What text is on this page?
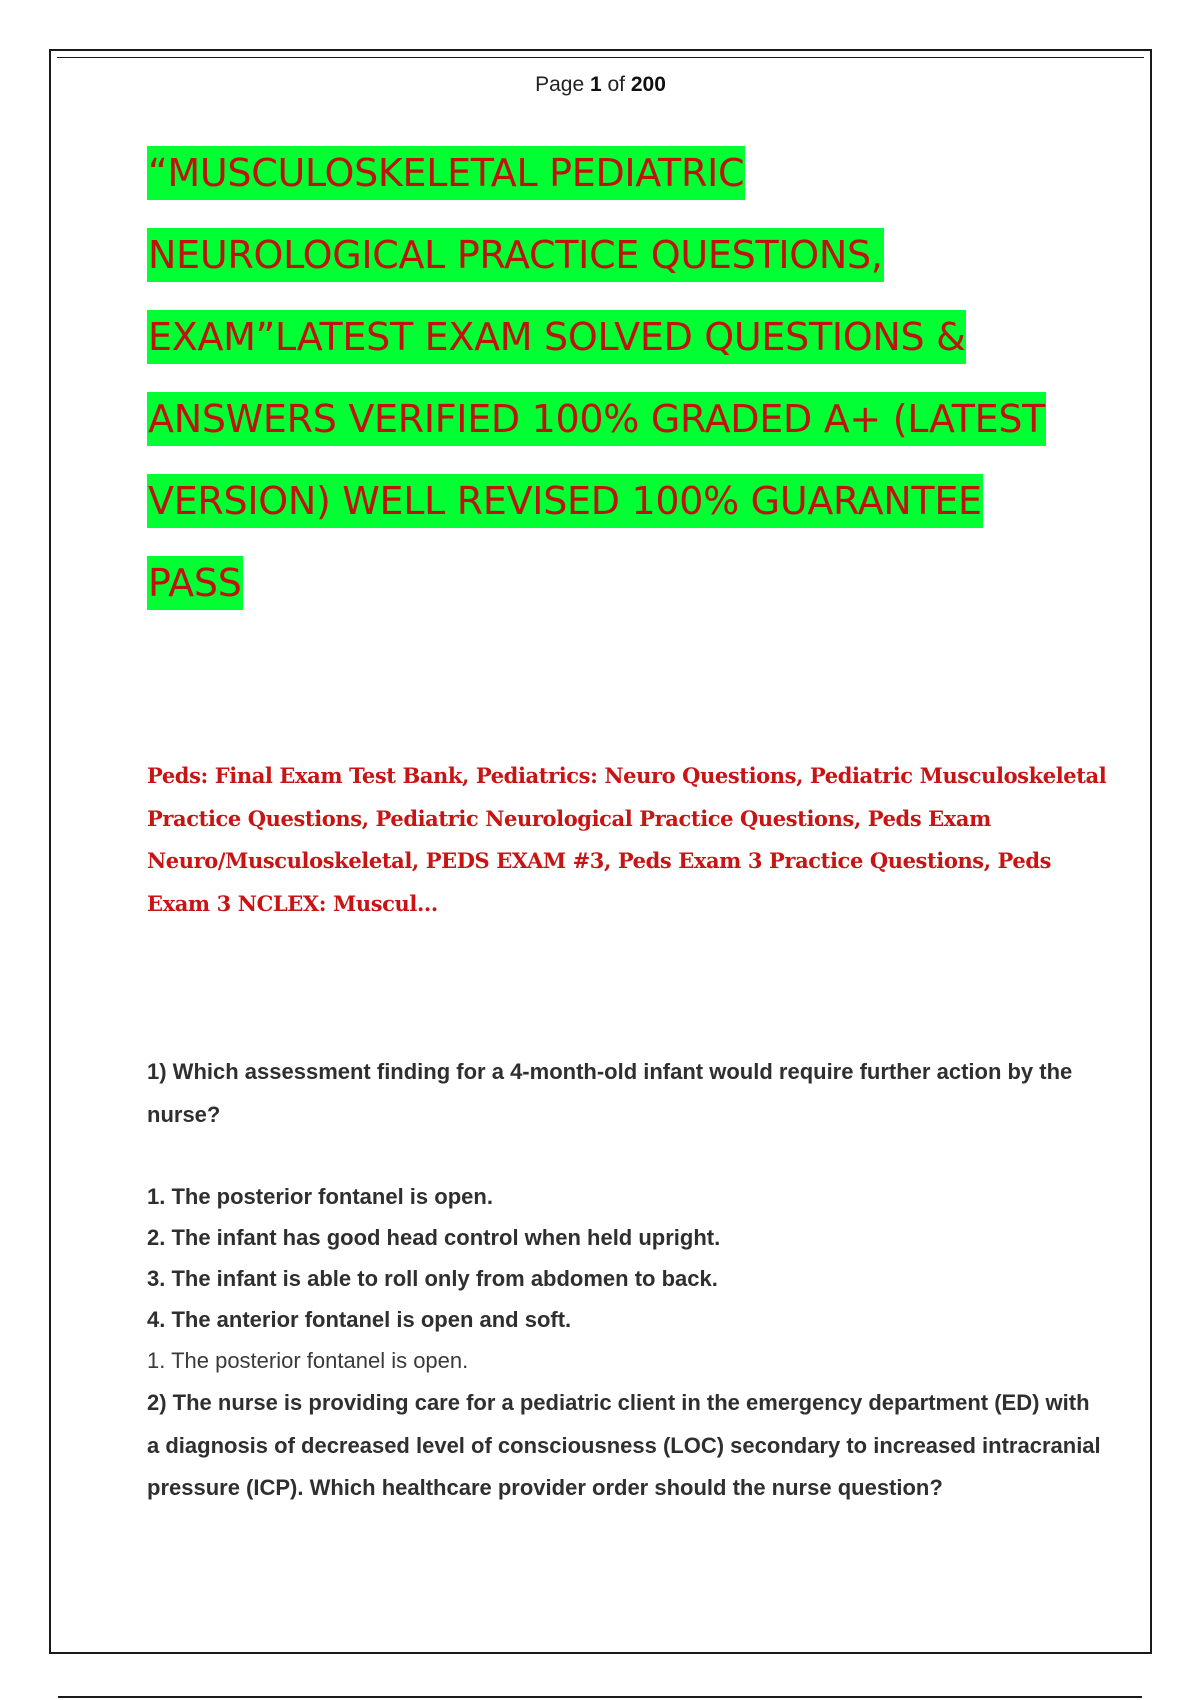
Page 1 of 200
“MUSCULOSKELETAL PEDIATRIC
NEUROLOGICAL PRACTICE QUESTIONS,
EXAM”LATEST EXAM SOLVED QUESTIONS &
ANSWERS VERIFIED 100% GRADED A+ (LATEST
VERSION) WELL REVISED 100% GUARANTEE
PASS
Peds: Final Exam Test Bank, Pediatrics: Neuro Questions, Pediatric Musculoskeletal Practice Questions, Pediatric Neurological Practice Questions, Peds Exam Neuro/Musculoskeletal, PEDS EXAM #3, Peds Exam 3 Practice Questions, Peds Exam 3 NCLEX: Muscul...

1) Which assessment finding for a 4-month-old infant would require further action by the nurse?

1. The posterior fontanel is open.
2. The infant has good head control when held upright.
3. The infant is able to roll only from abdomen to back.
4. The anterior fontanel is open and soft.
1. The posterior fontanel is open.

2) The nurse is providing care for a pediatric client in the emergency department (ED) with a diagnosis of decreased level of consciousness (LOC) secondary to increased intracranial pressure (ICP). Which healthcare provider order should the nurse question?
